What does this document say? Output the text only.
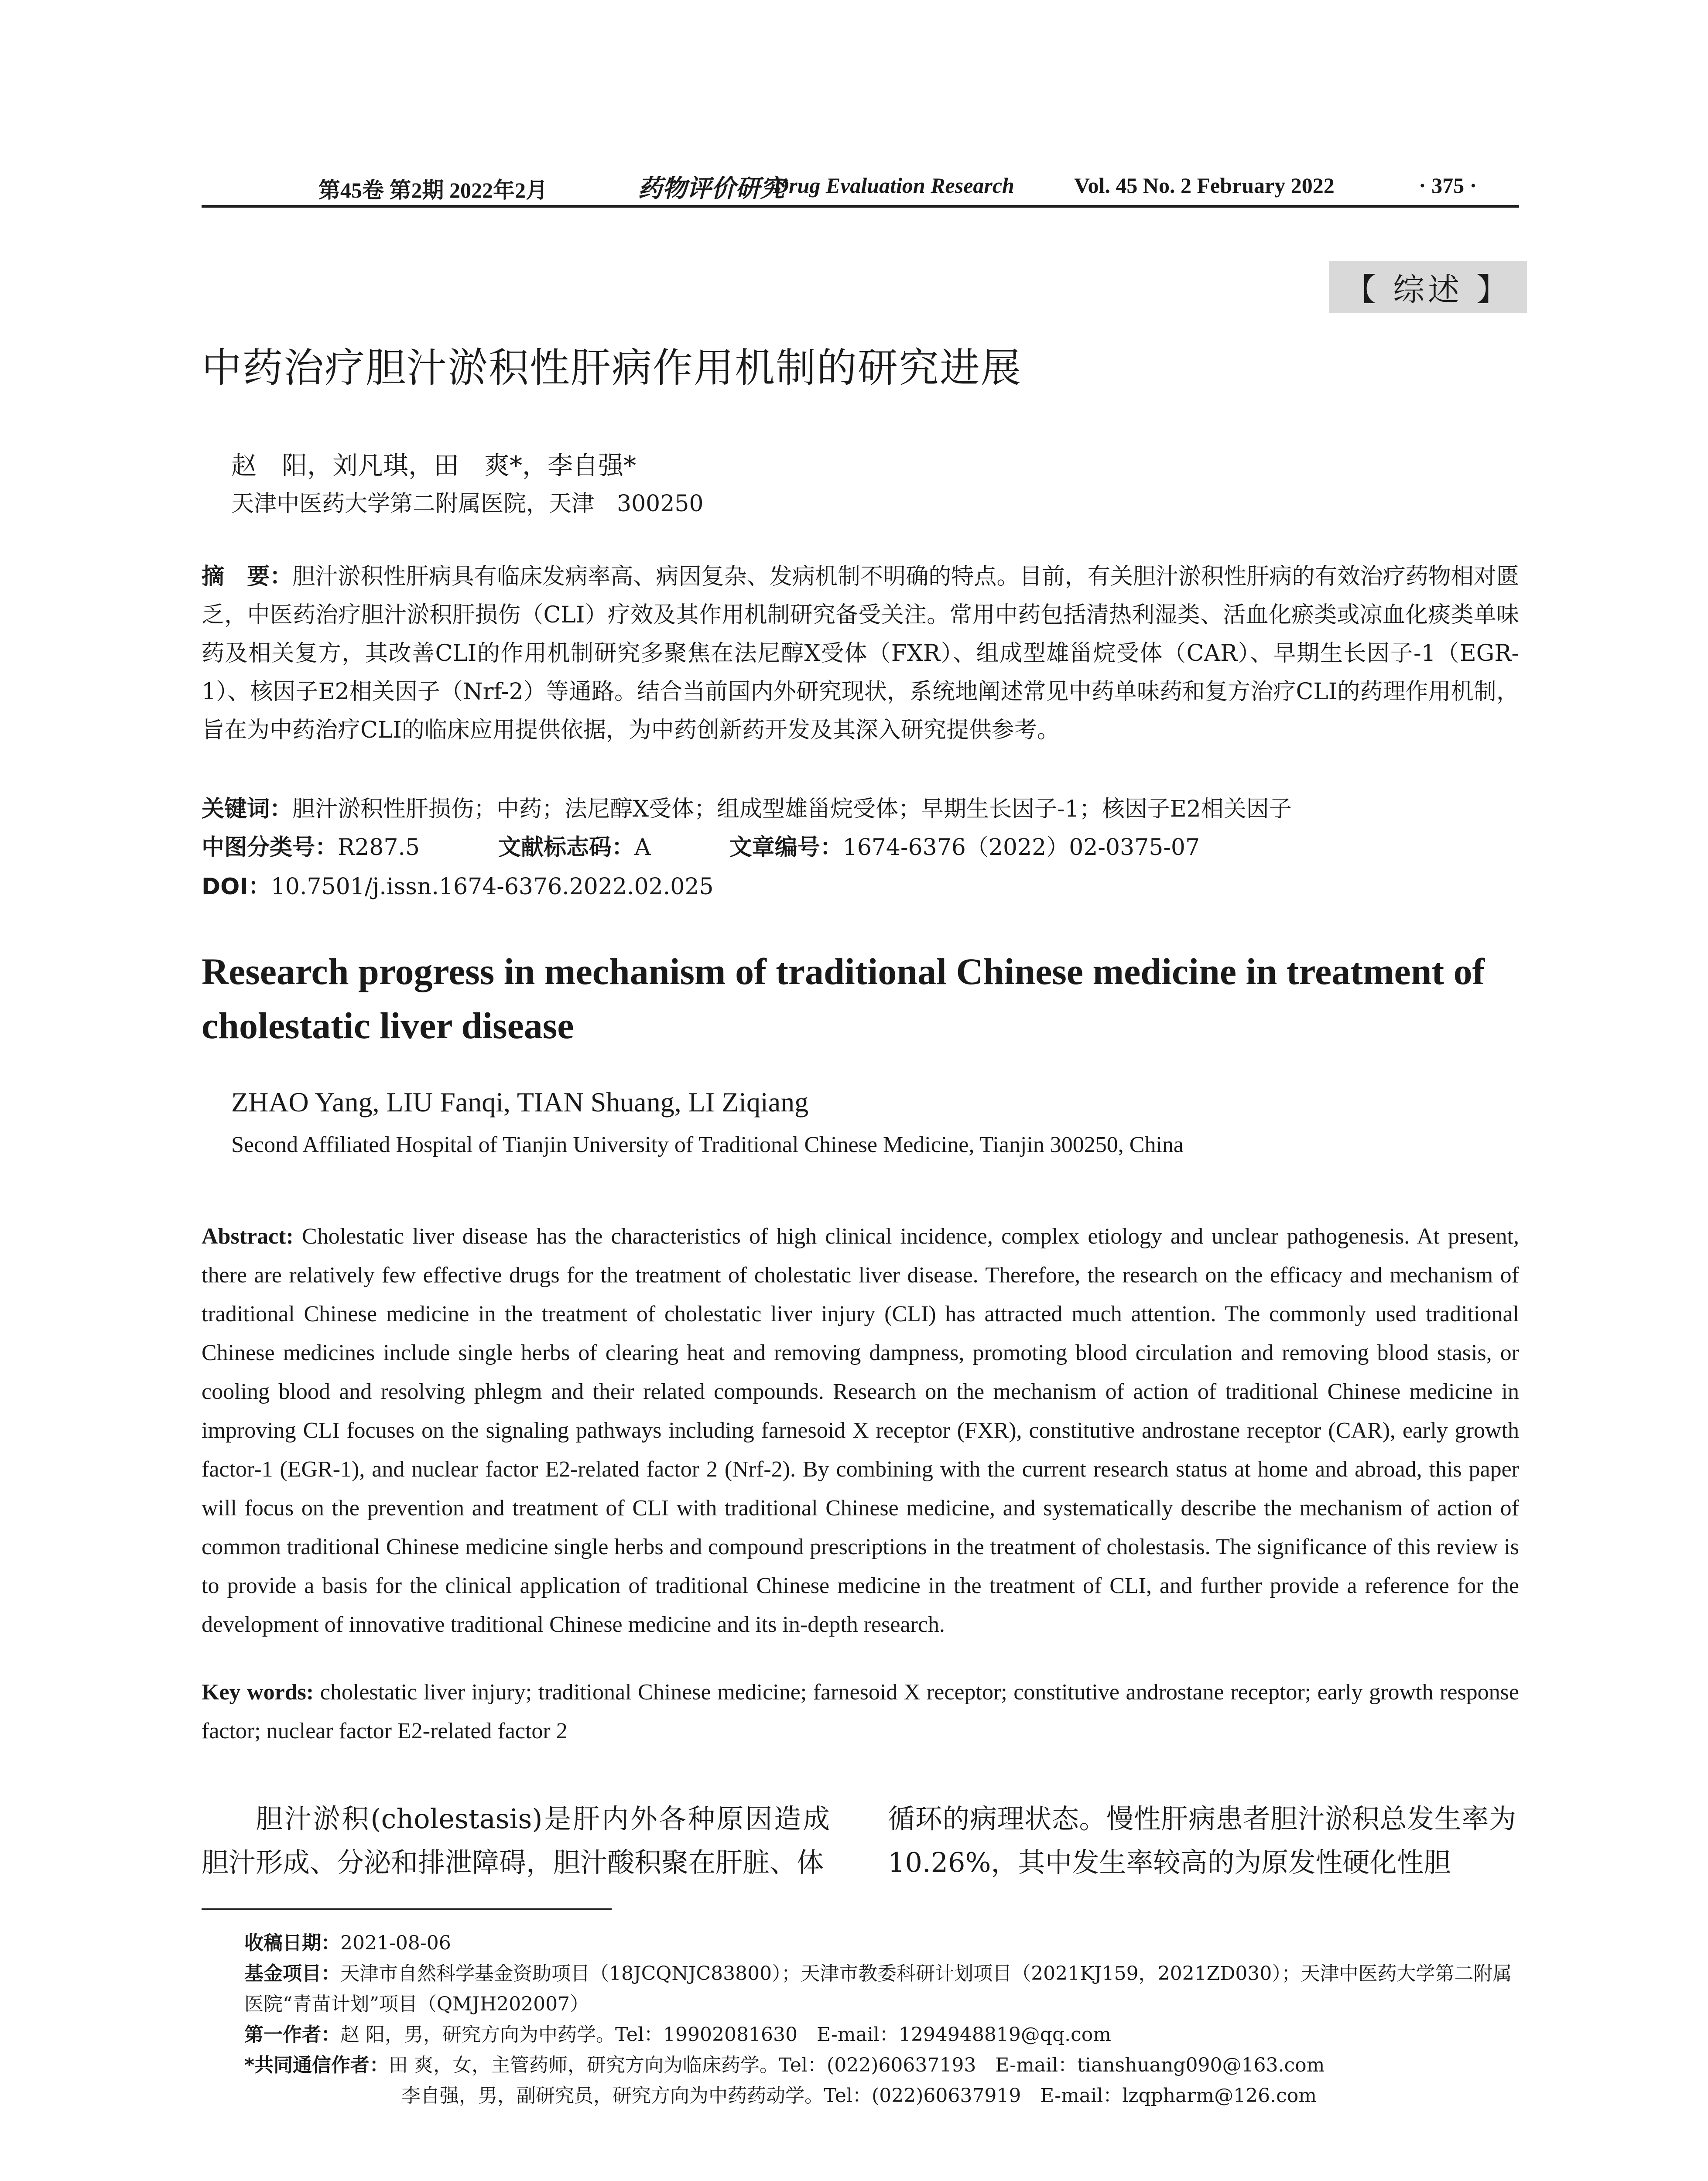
第45卷 第2期 2022年2月	药物评价研究
Drug Evaluation Research	Vol. 45 No. 2 February 2022	· 375 ·
【 综述 】
中药治疗胆汁淤积性肝病作用机制的研究进展
赵　阳，刘凡琪，田　爽*，李自强*
天津中医药大学第二附属医院，天津　300250
摘　要：胆汁淤积性肝病具有临床发病率高、病因复杂、发病机制不明确的特点。目前，有关胆汁淤积性肝病的有效治疗药物相对匮乏，中医药治疗胆汁淤积肝损伤（CLI）疗效及其作用机制研究备受关注。常用中药包括清热利湿类、活血化瘀类或凉血化痰类单味药及相关复方，其改善CLI的作用机制研究多聚焦在法尼醇X受体（FXR）、组成型雄甾烷受体（CAR）、早期生长因子-1（EGR-1）、核因子E2相关因子（Nrf-2）等通路。结合当前国内外研究现状，系统地阐述常见中药单味药和复方治疗CLI的药理作用机制，旨在为中药治疗CLI的临床应用提供依据，为中药创新药开发及其深入研究提供参考。
关键词：胆汁淤积性肝损伤；中药；法尼醇X受体；组成型雄甾烷受体；早期生长因子-1；核因子E2相关因子
中图分类号：R287.5	文献标志码：A	文章编号：1674-6376（2022）02-0375-07
DOI：10.7501/j.issn.1674-6376.2022.02.025
Research progress in mechanism of traditional Chinese medicine in treatment of cholestatic liver disease
ZHAO Yang, LIU Fanqi, TIAN Shuang, LI Ziqiang
Second Affiliated Hospital of Tianjin University of Traditional Chinese Medicine, Tianjin 300250, China
Abstract: Cholestatic liver disease has the characteristics of high clinical incidence, complex etiology and unclear pathogenesis. At present, there are relatively few effective drugs for the treatment of cholestatic liver disease. Therefore, the research on the efficacy and mechanism of traditional Chinese medicine in the treatment of cholestatic liver injury (CLI) has attracted much attention. The commonly used traditional Chinese medicines include single herbs of clearing heat and removing dampness, promoting blood circulation and removing blood stasis, or cooling blood and resolving phlegm and their related compounds. Research on the mechanism of action of traditional Chinese medicine in improving CLI focuses on the signaling pathways including farnesoid X receptor (FXR), constitutive androstane receptor (CAR), early growth factor-1 (EGR-1), and nuclear factor E2-related factor 2 (Nrf-2). By combining with the current research status at home and abroad, this paper will focus on the prevention and treatment of CLI with traditional Chinese medicine, and systematically describe the mechanism of action of common traditional Chinese medicine single herbs and compound prescriptions in the treatment of cholestasis. The significance of this review is to provide a basis for the clinical application of traditional Chinese medicine in the treatment of CLI, and further provide a reference for the development of innovative traditional Chinese medicine and its in-depth research.
Key words: cholestatic liver injury; traditional Chinese medicine; farnesoid X receptor; constitutive androstane receptor; early growth response factor; nuclear factor E2-related factor 2
胆汁淤积(cholestasis)是肝内外各种原因造成胆汁形成、分泌和排泄障碍，胆汁酸积聚在肝脏、体
循环的病理状态。慢性肝病患者胆汁淤积总发生率为10.26%，其中发生率较高的为原发性硬化性胆
收稿日期：2021-08-06
基金项目：天津市自然科学基金资助项目（18JCQNJC83800）；天津市教委科研计划项目（2021KJ159，2021ZD030）；天津中医药大学第二附属医院“青苗计划”项目（QMJH202007）
第一作者：赵 阳，男，研究方向为中药学。Tel：19902081630　E-mail：1294948819@qq.com
*共同通信作者：田 爽，女，主管药师，研究方向为临床药学。Tel：(022)60637193　E-mail：tianshuang090@163.com
李自强，男，副研究员，研究方向为中药药动学。Tel：(022)60637919　E-mail：lzqpharm@126.com
